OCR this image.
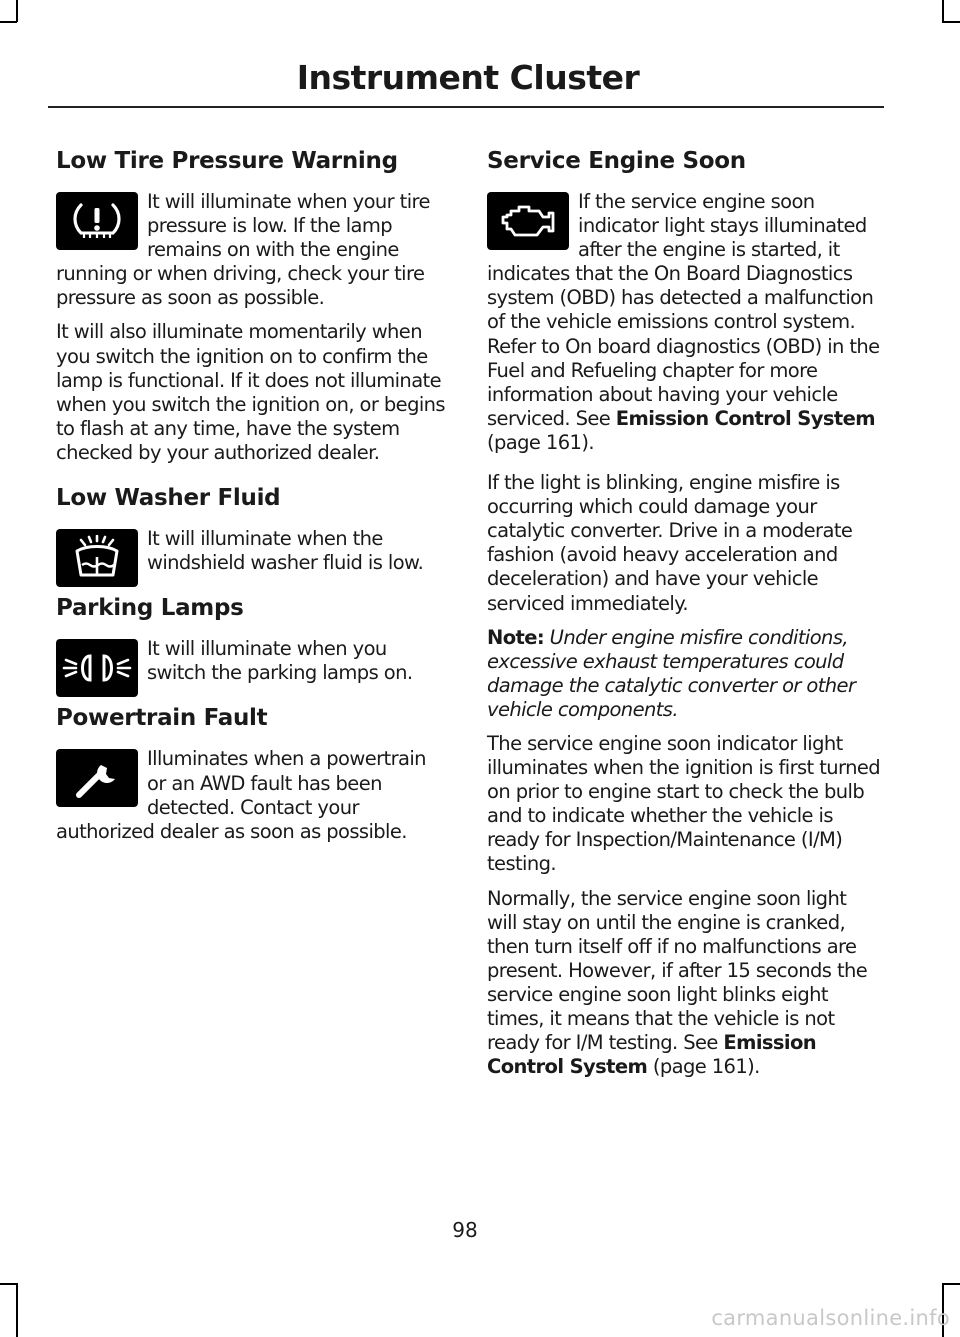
Instrument Cluster
Low Tire Pressure Warning

It will illuminate when your tire pressure is low. If the lamp remains on with the engine running or when driving, check your tire pressure as soon as possible.

It will also illuminate momentarily when you switch the ignition on to confirm the lamp is functional. If it does not illuminate when you switch the ignition on, or begins to flash at any time, have the system checked by your authorized dealer.

Low Washer Fluid

It will illuminate when the windshield washer fluid is low.

Parking Lamps

It will illuminate when you switch the parking lamps on.

Powertrain Fault

Illuminates when a powertrain or an AWD fault has been detected. Contact your authorized dealer as soon as possible.

Service Engine Soon

If the service engine soon indicator light stays illuminated after the engine is started, it indicates that the On Board Diagnostics system (OBD) has detected a malfunction of the vehicle emissions control system. Refer to On board diagnostics (OBD) in the Fuel and Refueling chapter for more information about having your vehicle serviced. See Emission Control System (page 161).

If the light is blinking, engine misfire is occurring which could damage your catalytic converter. Drive in a moderate fashion (avoid heavy acceleration and deceleration) and have your vehicle serviced immediately.

Note: Under engine misfire conditions, excessive exhaust temperatures could damage the catalytic converter or other vehicle components.

The service engine soon indicator light illuminates when the ignition is first turned on prior to engine start to check the bulb and to indicate whether the vehicle is ready for Inspection/Maintenance (I/M) testing.

Normally, the service engine soon light will stay on until the engine is cranked, then turn itself off if no malfunctions are present. However, if after 15 seconds the service engine soon light blinks eight times, it means that the vehicle is not ready for I/M testing. See Emission Control System (page 161).

98
carmanualsonline.info
